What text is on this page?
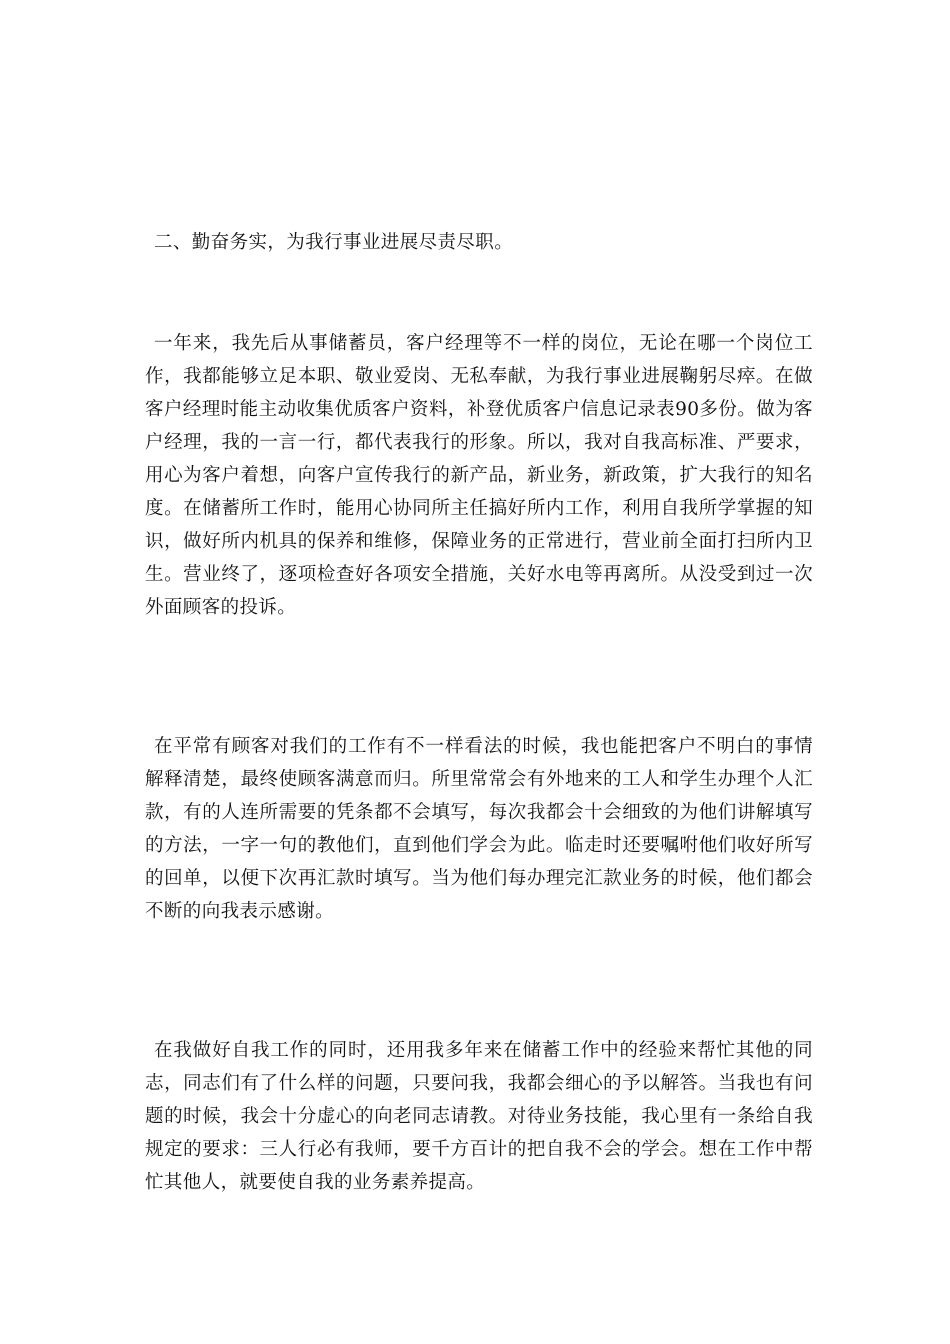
二、勤奋务实，为我行事业进展尽责尽职。

一年来，我先后从事储蓄员，客户经理等不一样的岗位，无论在哪一个岗位工作，我都能够立足本职、敬业爱岗、无私奉献，为我行事业进展鞠躬尽瘁。在做客户经理时能主动收集优质客户资料，补登优质客户信息记录表90多份。做为客户经理，我的一言一行，都代表我行的形象。所以，我对自我高标准、严要求，用心为客户着想，向客户宣传我行的新产品，新业务，新政策，扩大我行的知名度。在储蓄所工作时，能用心协同所主任搞好所内工作，利用自我所学掌握的知识，做好所内机具的保养和维修，保障业务的正常进行，营业前全面打扫所内卫生。营业终了，逐项检查好各项安全措施，关好水电等再离所。从没受到过一次外面顾客的投诉。

在平常有顾客对我们的工作有不一样看法的时候，我也能把客户不明白的事情解释清楚，最终使顾客满意而归。所里常常会有外地来的工人和学生办理个人汇款，有的人连所需要的凭条都不会填写，每次我都会十会细致的为他们讲解填写的方法，一字一句的教他们，直到他们学会为此。临走时还要嘱咐他们收好所写的回单，以便下次再汇款时填写。当为他们每办理完汇款业务的时候，他们都会不断的向我表示感谢。

在我做好自我工作的同时，还用我多年来在储蓄工作中的经验来帮忙其他的同志，同志们有了什么样的问题，只要问我，我都会细心的予以解答。当我也有问题的时候，我会十分虚心的向老同志请教。对待业务技能，我心里有一条给自我规定的要求：三人行必有我师，要千方百计的把自我不会的学会。想在工作中帮忙其他人，就要使自我的业务素养提高。
